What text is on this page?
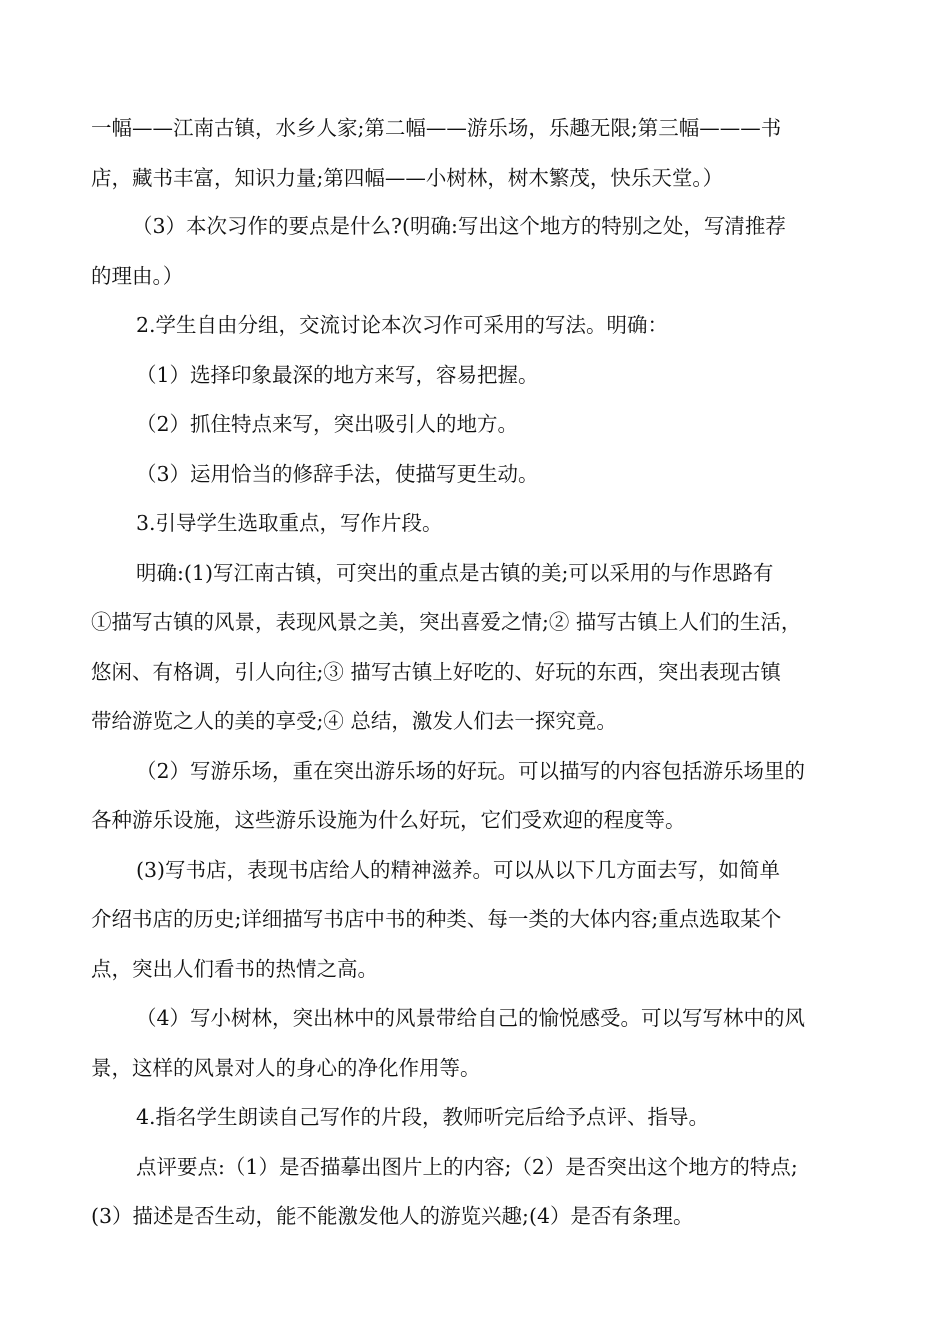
一幅——江南古镇，水乡人家;第二幅——游乐场，乐趣无限;第三幅———书
店，藏书丰富，知识力量;第四幅——小树林，树木繁茂，快乐天堂。）
（3）本次习作的要点是什么?(明确:写出这个地方的特别之处，写清推荐
的理由。）
2.学生自由分组，交流讨论本次习作可采用的写法。明确：
（1）选择印象最深的地方来写，容易把握。
（2）抓住特点来写，突出吸引人的地方。
（3）运用恰当的修辞手法，使描写更生动。
3.引导学生选取重点，写作片段。
明确:(1)写江南古镇，可突出的重点是古镇的美;可以采用的与作思路有
①描写古镇的风景，表现风景之美，突出喜爱之情;② 描写古镇上人们的生活，
悠闲、有格调，引人向往;③ 描写古镇上好吃的、好玩的东西，突出表现古镇
带给游览之人的美的享受;④ 总结，激发人们去一探究竟。
（2）写游乐场，重在突出游乐场的好玩。可以描写的内容包括游乐场里的
各种游乐设施，这些游乐设施为什么好玩，它们受欢迎的程度等。
(3)写书店，表现书店给人的精神滋养。可以从以下几方面去写，如简单
介绍书店的历史;详细描写书店中书的种类、每一类的大体内容;重点选取某个
点，突出人们看书的热情之高。
（4）写小树林，突出林中的风景带给自己的愉悦感受。可以写写林中的风
景，这样的风景对人的身心的净化作用等。
4.指名学生朗读自己写作的片段，教师听完后给予点评、指导。
点评要点:（1）是否描摹出图片上的内容;（2）是否突出这个地方的特点;
(3）描述是否生动，能不能激发他人的游览兴趣;(4）是否有条理。
